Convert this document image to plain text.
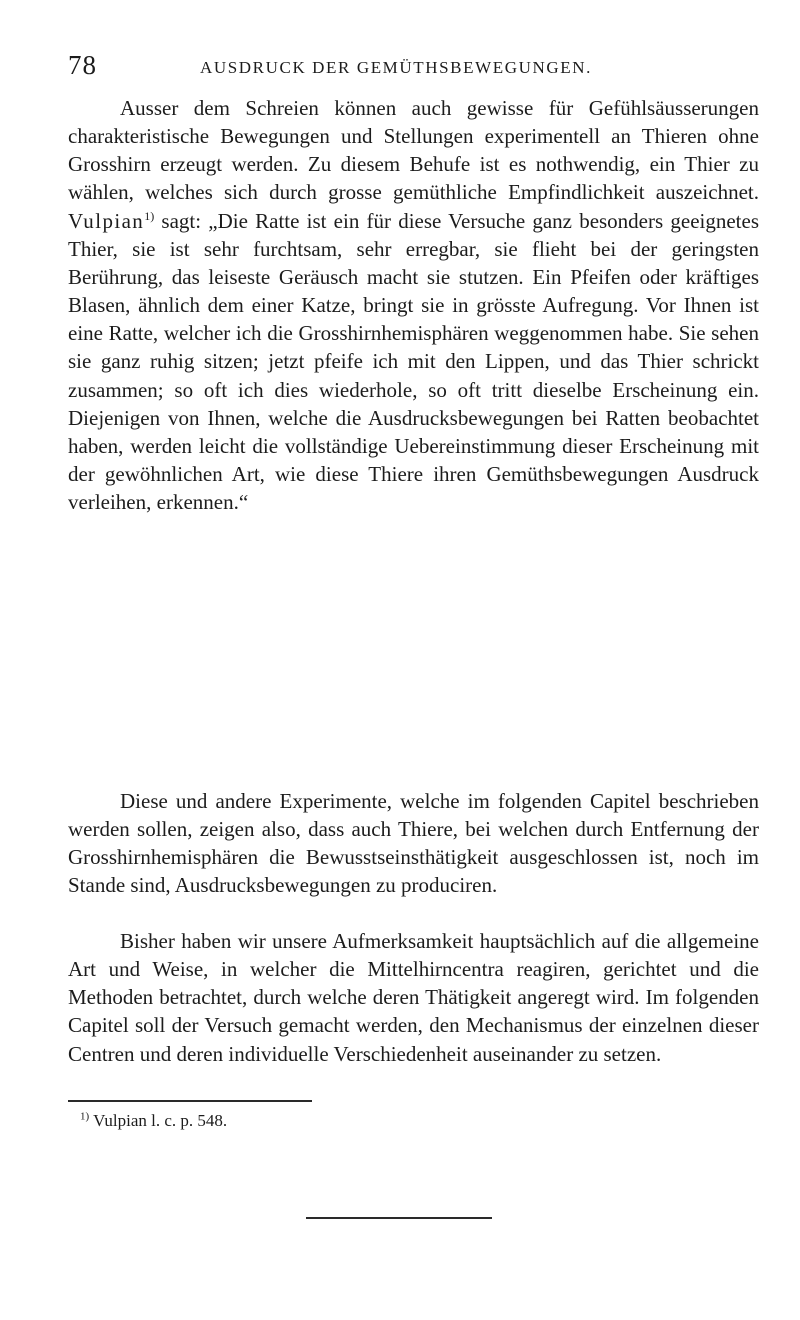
78	AUSDRUCK DER GEMÜTHSBEWEGUNGEN.

Ausser dem Schreien können auch gewisse für Gefühlsäusserungen charakteristische Bewegungen und Stellungen experimentell an Thieren ohne Grosshirn erzeugt werden. Zu diesem Behufe ist es nothwendig, ein Thier zu wählen, welches sich durch grosse gemüthliche Empfindlichkeit auszeichnet. Vulpian$^{1)}$ sagt: „Die Ratte ist ein für diese Versuche ganz besonders geeignetes Thier, sie ist sehr furchtsam, sehr erregbar, sie flieht bei der geringsten Berührung, das leiseste Geräusch macht sie stutzen. Ein Pfeifen oder kräftiges Blasen, ähnlich dem einer Katze, bringt sie in grösste Aufregung. Vor Ihnen ist eine Ratte, welcher ich die Grosshirnhemisphären weggenommen habe. Sie sehen sie ganz ruhig sitzen; jetzt pfeife ich mit den Lippen, und das Thier schrickt zusammen; so oft ich dies wiederhole, so oft tritt dieselbe Erscheinung ein. Diejenigen von Ihnen, welche die Ausdrucksbewegungen bei Ratten beobachtet haben, werden leicht die vollständige Uebereinstimmung dieser Erscheinung mit der gewöhnlichen Art, wie diese Thiere ihren Gemüthsbewegungen Ausdruck verleihen, erkennen.“

Diese und andere Experimente, welche im folgenden Capitel beschrieben werden sollen, zeigen also, dass auch Thiere, bei welchen durch Entfernung der Grosshirnhemisphären die Bewusstseinsthätigkeit ausgeschlossen ist, noch im Stande sind, Ausdrucksbewegungen zu produciren.

Bisher haben wir unsere Aufmerksamkeit hauptsächlich auf die allgemeine Art und Weise, in welcher die Mittelhirncentra reagiren, gerichtet und die Methoden betrachtet, durch welche deren Thätigkeit angeregt wird. Im folgenden Capitel soll der Versuch gemacht werden, den Mechanismus der einzelnen dieser Centren und deren individuelle Verschiedenheit auseinander zu setzen.

$^{1)}$ Vulpian l. c. p. 548.
